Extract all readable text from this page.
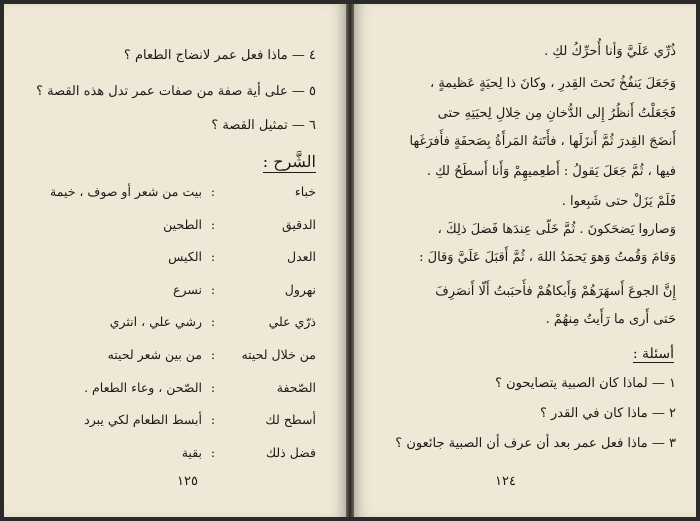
٤ — ماذا فعل عمر لانضاج الطعام ؟
٥ — على أية صفة من صفات عمر تدل هذه القصة ؟
٦ — تمثيل القصة ؟
الشَّرح :
خباء
:
بيت من شعر أو صوف ، خيمة
الدقيق
:
الطحين
العدل
:
الكيس
نهرول
:
نسرع
ذرّي علي
:
رشي علي ، انثري
من خلال لحيته
:
من بين شعر لحيته
الصّحفة
:
الصّحن ، وعاء الطعام .
أسطح لك
:
أبسط الطعام لكي يبرد
فضل ذلك
:
بقية
١٢٥
ذُرِّي عَلَيَّ وَأنا أُحرِّكُ لكِ .
وَجَعَلَ يَنفُخُ تَحتَ القِدرِ ، وكانَ ذا لِحيَةٍ عَظيمةٍ ،
فَجَعَلْتُ أَنظُرُ إِلى الدُّخانِ مِن خِلالِ لِحيَتِهِ حتى
أَنضَجَ القِدرَ ثُمَّ أَنزَلَها ، فأَتَتهُ المَرأَةُ بِصَحفَةٍ فأَفرَغَها
فيها ، ثُمَّ جَعَلَ يَقولُ : أَطعِميهِمْ وَأَنا أَسطَحُ لكِ .
فَلَمْ يَزَلْ حتى شَبِعوا .
وَصاروا يَضحَكونَ . ثُمَّ خَلّى عِندَها فَضلَ ذلِكَ ،
وَقامَ وَقُمتُ وَهوَ يَحمَدُ اللهَ ، ثُمَّ أَقبَلَ عَلَيَّ وَقالَ :
إِنَّ الجوعَ أَسهَرَهُمْ وَأَبكاهُمْ فأَحبَبتُ أَلّا أَنصَرِفَ
حَتى أَرى ما رَأَيتُ مِنهُمْ .
أسئلة :
١ — لماذا كان الصبية يتصايحون ؟
٢ — ماذا كان في القدر ؟
٣ — ماذا فعل عمر بعد أن عرف أن الصبية جائعون ؟
١٢٤
